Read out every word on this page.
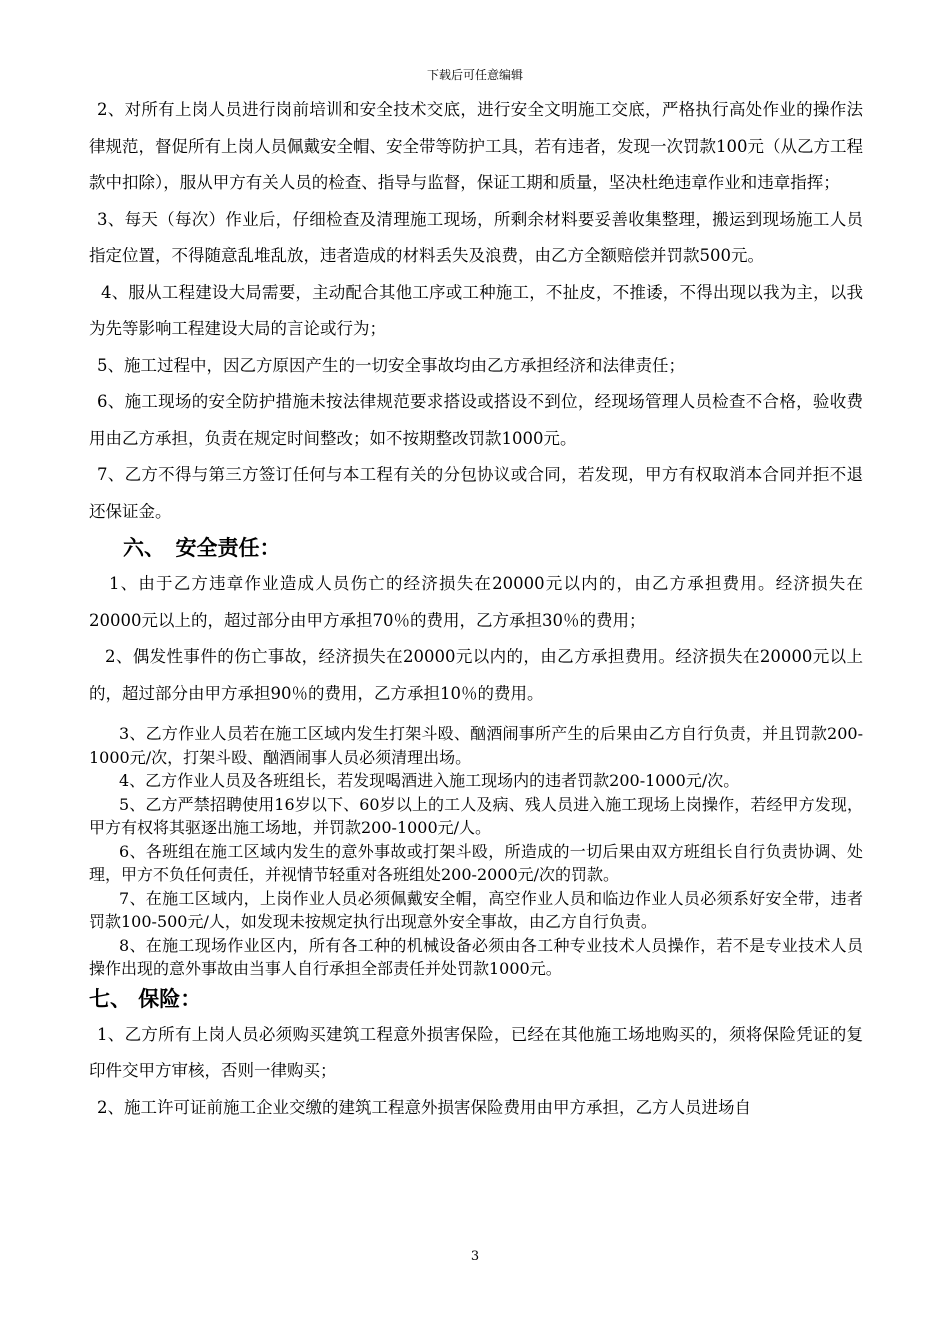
下载后可任意编辑

2、对所有上岗人员进行岗前培训和安全技术交底，进行安全文明施工交底，严格执行高处作业的操作法律规范，督促所有上岗人员佩戴安全帽、安全带等防护工具，若有违者，发现一次罚款100元（从乙方工程款中扣除），服从甲方有关人员的检查、指导与监督，保证工期和质量，坚决杜绝违章作业和违章指挥；

3、每天（每次）作业后，仔细检查及清理施工现场，所剩余材料要妥善收集整理，搬运到现场施工人员指定位置，不得随意乱堆乱放，违者造成的材料丢失及浪费，由乙方全额赔偿并罚款500元。

4、服从工程建设大局需要，主动配合其他工序或工种施工，不扯皮，不推诿，不得出现以我为主，以我为先等影响工程建设大局的言论或行为；

5、施工过程中，因乙方原因产生的一切安全事故均由乙方承担经济和法律责任；

6、施工现场的安全防护措施未按法律规范要求搭设或搭设不到位，经现场管理人员检查不合格，验收费用由乙方承担，负责在规定时间整改；如不按期整改罚款1000元。

7、乙方不得与第三方签订任何与本工程有关的分包协议或合同，若发现，甲方有权取消本合同并拒不退还保证金。

六、　安全责任：

1、由于乙方违章作业造成人员伤亡的经济损失在20000元以内的，由乙方承担费用。经济损失在20000元以上的，超过部分由甲方承担70％的费用，乙方承担30％的费用；

2、偶发性事件的伤亡事故，经济损失在20000元以内的，由乙方承担费用。经济损失在20000元以上的，超过部分由甲方承担90％的费用，乙方承担10％的费用。

3、乙方作业人员若在施工区域内发生打架斗殴、酗酒闹事所产生的后果由乙方自行负责，并且罚款200-1000元/次，打架斗殴、酗酒闹事人员必须清理出场。

4、乙方作业人员及各班组长，若发现喝酒进入施工现场内的违者罚款200-1000元/次。

5、乙方严禁招聘使用16岁以下、60岁以上的工人及病、残人员进入施工现场上岗操作，若经甲方发现，甲方有权将其驱逐出施工场地，并罚款200-1000元/人。

6、各班组在施工区域内发生的意外事故或打架斗殴，所造成的一切后果由双方班组长自行负责协调、处理，甲方不负任何责任，并视情节轻重对各班组处200-2000元/次的罚款。

7、在施工区域内，上岗作业人员必须佩戴安全帽，高空作业人员和临边作业人员必须系好安全带，违者罚款100-500元/人，如发现未按规定执行出现意外安全事故，由乙方自行负责。

8、在施工现场作业区内，所有各工种的机械设备必须由各工种专业技术人员操作，若不是专业技术人员操作出现的意外事故由当事人自行承担全部责任并处罚款1000元。

七、 保险：

1、乙方所有上岗人员必须购买建筑工程意外损害保险，已经在其他施工场地购买的，须将保险凭证的复印件交甲方审核，否则一律购买；

2、施工许可证前施工企业交缴的建筑工程意外损害保险费用由甲方承担，乙方人员进场自

3
